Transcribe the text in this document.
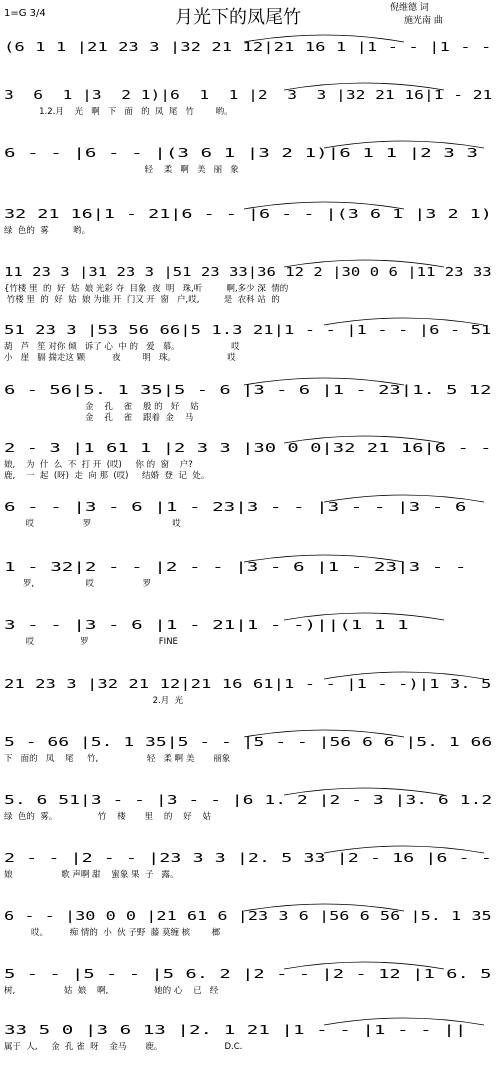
月光下的凤尾竹
1=G 3/4	倪维德 词
施光南 曲
(6 1 1 |21 23 3 |32 21 12|21 16 1 |1 - - |1 - -
3  6  1 |3  2 1)|6  1  1 |2  3  3 |32 21 16|1 - 21
1.2.月    光   啊   下   面   的  凤  尾   竹        哟。
6 - - |6 - - |(3 6 1 |3 2 1)|6 1 1 |2 3 3
轻    柔   啊   美   丽   象
32 21 16|1 - 21|6 - - |6 - - |(3 6 1 |3 2 1)
绿  色的  雾         哟。
11 23 3 |31 23 3 |51 23 33|36 12 2 |30 0 6 |11 23 33
{竹楼 里  的  好  姑  娘 光彩 夺  目象  夜  明   珠,听         啊,多少 深  情的
竹楼 里  的  好  姑  娘 为谁 开  门又 开  窗   户,哎,         是  农科 站  的
51 23 3 |53 56 66|5 1.3 21|1 - - |1 - - |6 - 51
葫   芦   笙 对你 倾   诉了 心  中 的   爱   慕。                   哎
小   崖   膈 揣走这 颗          夜        明   珠。                   哎
6 - 56|5. 1 35|5 - 6 |3 - 6 |1 - 23|1. 5 12
金    孔    雀    般 的   好    姑
金    孔    雀    跟着  金    马
2 - 3 |1 61 1 |2 3 3 |30 0 0|32 21 16|6 - -
娘,    为  什  么  不  打 开  (哎)     你 的  窗    户?
鹿,    一  起  (呀)  走  向 那  (哎)     结婚  登  记  处。
6 - - |3 - 6 |1 - 23|3 - - |3 - - |3 - 6
哎                  罗                              哎
1 - 32|2 - - |2 - - |3 - 6 |1 - 23|3 - -
罗,                   哎                  罗
3 - - |3 - 6 |1 - 21|1 - -)||(1 1 1
哎                 罗                          FINE
21 23 3 |32 21 12|21 16 61|1 - - |1 - -)|1 3. 5
2.月  光
5 - 66 |5. 1 35|5 - - |5 - - |56 6 6 |5. 1 66
下   面的   凤    尾     竹,                  轻   柔 啊 美       丽象
5. 6 51|3 - - |3 - - |6 1. 2 |2 - 3 |3. 6 1.2
绿  色的  雾。               竹    楼       里    的    好    姑
2 - - |2 - - |23 3 3 |2. 5 33 |2 - 16 |6 - -
娘                  歌 声啊 甜    蜜象 果  子   露。
6 - - |30 0 0 |21 61 6 |23 3 6 |56 6 56 |5. 1 35
哎。        痴 情的  小  伙 子野  藤 莫缠 槟        榔
5 - - |5 - - |5 6. 2 |2 - - |2 - 12 |1 6. 5
树,                  姑  娘    啊,                 她的 心    已   经
33 5 0 |3 6 13 |2. 1 21 |1 - - |1 - - ||
属于  人,     金  孔 雀  呀    金马       鹿。                       D.C.
